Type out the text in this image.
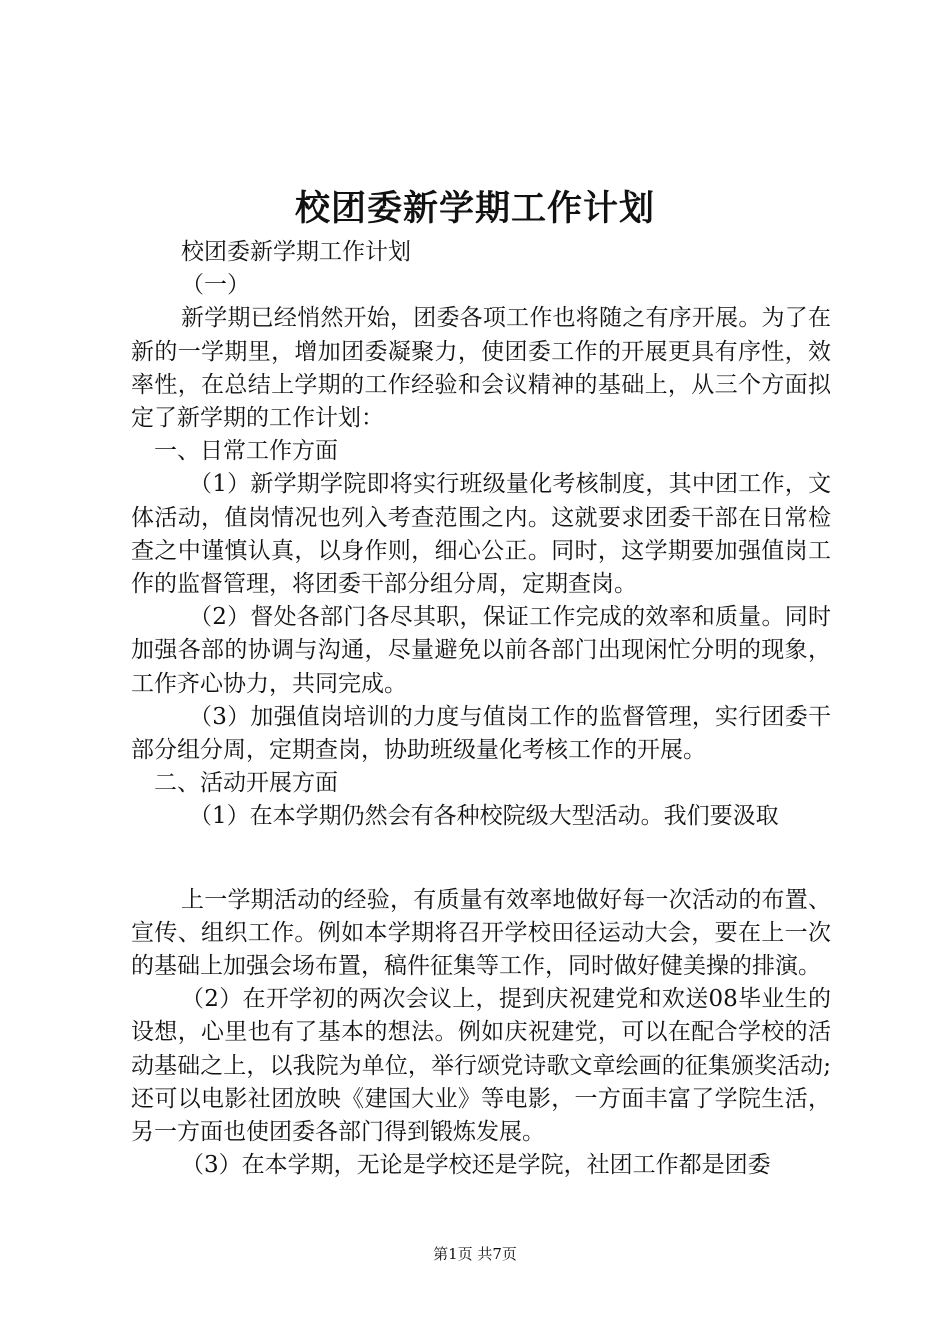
校团委新学期工作计划

校团委新学期工作计划

（一）

新学期已经悄然开始，团委各项工作也将随之有序开展。为了在新的一学期里，增加团委凝聚力，使团委工作的开展更具有序性，效率性，在总结上学期的工作经验和会议精神的基础上，从三个方面拟定了新学期的工作计划：

一、日常工作方面

（1）新学期学院即将实行班级量化考核制度，其中团工作，文体活动，值岗情况也列入考查范围之内。这就要求团委干部在日常检查之中谨慎认真，以身作则，细心公正。同时，这学期要加强值岗工作的监督管理，将团委干部分组分周，定期查岗。

（2）督处各部门各尽其职，保证工作完成的效率和质量。同时加强各部的协调与沟通，尽量避免以前各部门出现闲忙分明的现象，工作齐心协力，共同完成。

（3）加强值岗培训的力度与值岗工作的监督管理，实行团委干部分组分周，定期查岗，协助班级量化考核工作的开展。

二、活动开展方面

（1）在本学期仍然会有各种校院级大型活动。我们要汲取

上一学期活动的经验，有质量有效率地做好每一次活动的布置、宣传、组织工作。例如本学期将召开学校田径运动大会，要在上一次的基础上加强会场布置，稿件征集等工作，同时做好健美操的排演。

（2）在开学初的两次会议上，提到庆祝建党和欢送08毕业生的设想，心里也有了基本的想法。例如庆祝建党，可以在配合学校的活动基础之上，以我院为单位，举行颂党诗歌文章绘画的征集颁奖活动;还可以电影社团放映《建国大业》等电影，一方面丰富了学院生活，另一方面也使团委各部门得到锻炼发展。

（3）在本学期，无论是学校还是学院，社团工作都是团委

第1页 共7页
